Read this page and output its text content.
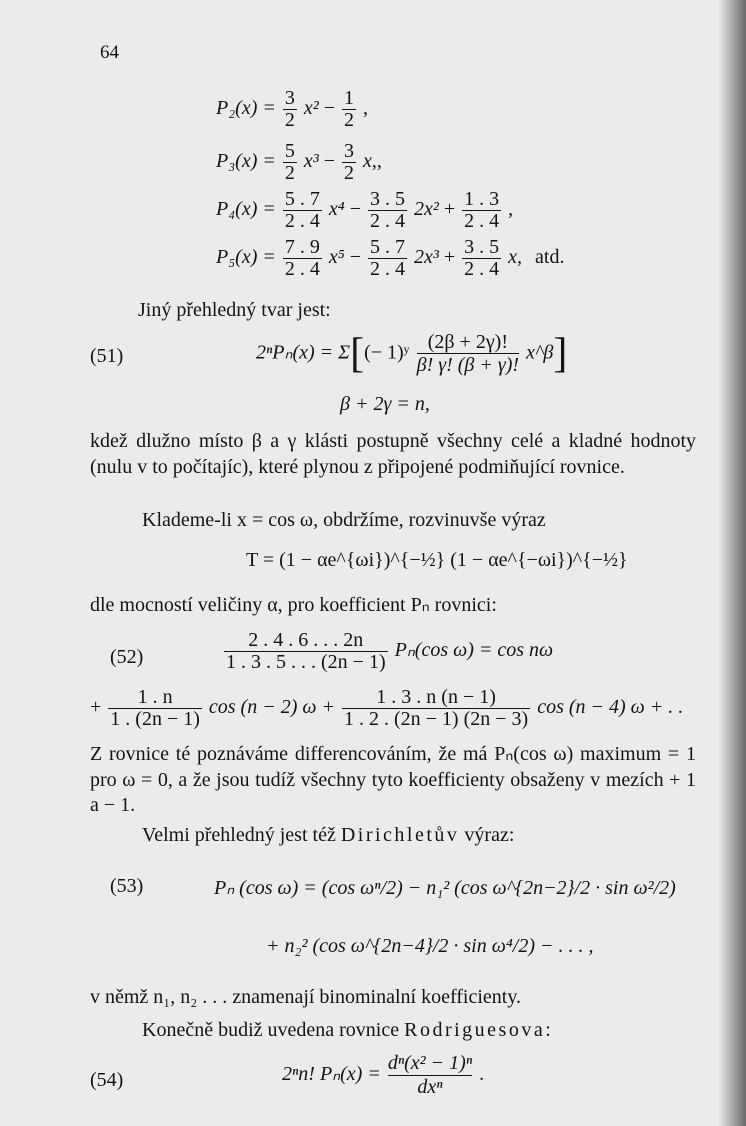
64
$P_2(x) = \frac{3}{2} x^2 - \frac{1}{2}$ ,
$P_3(x) = \frac{5}{2} x^3 - \frac{3}{2} x$,,
$P_4(x) = \frac{5 . 7}{2 . 4} x^4 - \frac{3 . 5}{2 . 4} 2x^2 + \frac{1 . 3}{2 . 4}$ ,
$P_5(x) = \frac{7 . 9}{2 . 4} x^5 - \frac{5 . 7}{2 . 4} 2x^3 + \frac{3 . 5}{2 . 4} x$, atd.
Jiný přehledný tvar jest:
(51)	2ⁿPₙ(x) = Σ[(− 1)ʸ $\frac{(2\beta + 2\gamma)!}{\beta! \gamma! (\beta + \gamma)!}$ x^β]
β + 2γ = n,
kdež dlužno místo β a γ klásti postupně všechny celé a kladné hodnoty (nulu v to počítajíc), které plynou z připojené podmiňující rovnice.
Klademe-li x = cos ω, obdržíme, rozvinuvše výraz
T = (1 − αe^{ωi})^{−½} (1 − αe^{−ωi})^{−½}
dle mocností veličiny α, pro koefficient Pₙ rovnici:
(52)	$\frac{2 . 4 . 6 . . . 2n}{1 . 3 . 5 . . . (2n - 1)} P_n(\cos$ ω) = cos nω
+ $\frac{1 . n}{1 . (2n - 1)}$ cos (n − 2) $\omega + \frac{1 . 3 . n (n - 1)}{1 . 2 . (2n - 1) (2n - 3)}$ cos (n − 4) ω + . .
Z rovnice té poznáváme differencováním, že má Pₙ(cos ω) maximum = 1 pro ω = 0, a že jsou tudíž všechny tyto koefficienty obsaženy v mezích + 1 a − 1.
Velmi přehledný jest též Dirichletův výraz:
(53)	Pₙ (cos ω) = (cos ωⁿ/2) − n₁² (cos ω^{2n−2}/2 · sin ω²/2)
+ n₂² (cos ω^{2n−4}/2 · sin ω⁴/2) − . . . ,
v němž n₁, n₂ . . . znamenají binominalní koefficienty.
Konečně budiž uvedena rovnice Rodriguesova:
(54)	2ⁿn! $P_n(x) = \frac{\text{dⁿ(x² − 1)ⁿ}}{\text{dxⁿ}}$ .
